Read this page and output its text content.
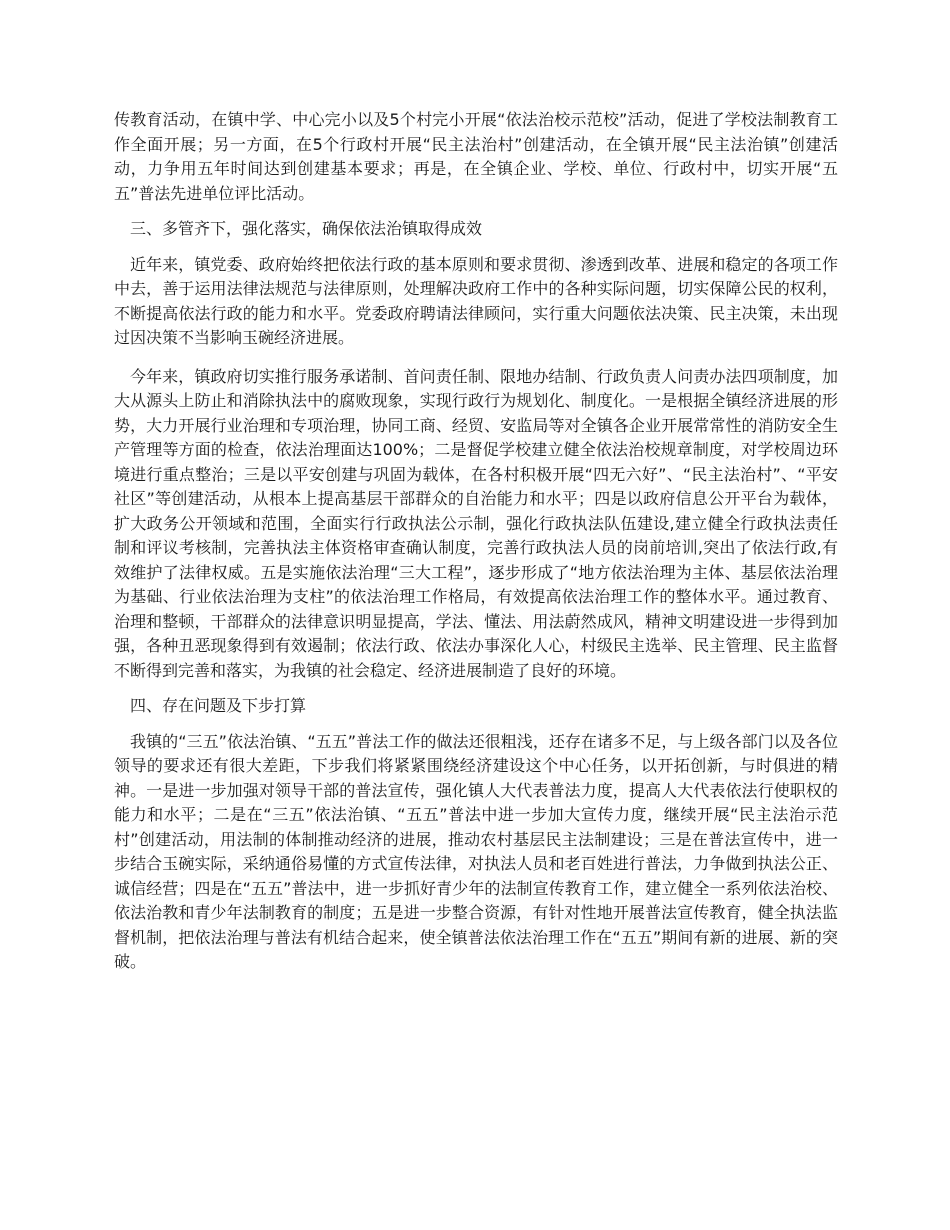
传教育活动，在镇中学、中心完小以及5个村完小开展“依法治校示范校”活动，促进了学校法制教育工作全面开展；另一方面，在5个行政村开展“民主法治村”创建活动，在全镇开展“民主法治镇”创建活动，力争用五年时间达到创建基本要求；再是，在全镇企业、学校、单位、行政村中，切实开展“五五”普法先进单位评比活动。

三、多管齐下，强化落实，确保依法治镇取得成效

近年来，镇党委、政府始终把依法行政的基本原则和要求贯彻、渗透到改革、进展和稳定的各项工作中去，善于运用法律法规范与法律原则，处理解决政府工作中的各种实际问题，切实保障公民的权利，不断提高依法行政的能力和水平。党委政府聘请法律顾问，实行重大问题依法决策、民主决策，未出现过因决策不当影响玉碗经济进展。

今年来，镇政府切实推行服务承诺制、首问责任制、限地办结制、行政负责人问责办法四项制度，加大从源头上防止和消除执法中的腐败现象，实现行政行为规划化、制度化。一是根据全镇经济进展的形势，大力开展行业治理和专项治理，协同工商、经贸、安监局等对全镇各企业开展常常性的消防安全生产管理等方面的检查，依法治理面达100%；二是督促学校建立健全依法治校规章制度，对学校周边环境进行重点整治；三是以平安创建与巩固为载体，在各村积极开展“四无六好”、“民主法治村”、“平安社区”等创建活动，从根本上提高基层干部群众的自治能力和水平；四是以政府信息公开平台为载体，扩大政务公开领域和范围，全面实行行政执法公示制，强化行政执法队伍建设,建立健全行政执法责任制和评议考核制，完善执法主体资格审查确认制度，完善行政执法人员的岗前培训,突出了依法行政,有效维护了法律权威。五是实施依法治理“三大工程”，逐步形成了“地方依法治理为主体、基层依法治理为基础、行业依法治理为支柱”的依法治理工作格局，有效提高依法治理工作的整体水平。通过教育、治理和整顿，干部群众的法律意识明显提高，学法、懂法、用法蔚然成风，精神文明建设进一步得到加强，各种丑恶现象得到有效遏制；依法行政、依法办事深化人心，村级民主选举、民主管理、民主监督不断得到完善和落实，为我镇的社会稳定、经济进展制造了良好的环境。

四、存在问题及下步打算

我镇的“三五”依法治镇、“五五”普法工作的做法还很粗浅，还存在诸多不足，与上级各部门以及各位领导的要求还有很大差距，下步我们将紧紧围绕经济建设这个中心任务，以开拓创新，与时俱进的精神。一是进一步加强对领导干部的普法宣传，强化镇人大代表普法力度，提高人大代表依法行使职权的能力和水平；二是在“三五”依法治镇、“五五”普法中进一步加大宣传力度，继续开展“民主法治示范村”创建活动，用法制的体制推动经济的进展，推动农村基层民主法制建设；三是在普法宣传中，进一步结合玉碗实际，采纳通俗易懂的方式宣传法律，对执法人员和老百姓进行普法，力争做到执法公正、诚信经营；四是在“五五”普法中，进一步抓好青少年的法制宣传教育工作，建立健全一系列依法治校、依法治教和青少年法制教育的制度；五是进一步整合资源，有针对性地开展普法宣传教育，健全执法监督机制，把依法治理与普法有机结合起来，使全镇普法依法治理工作在“五五”期间有新的进展、新的突破。
